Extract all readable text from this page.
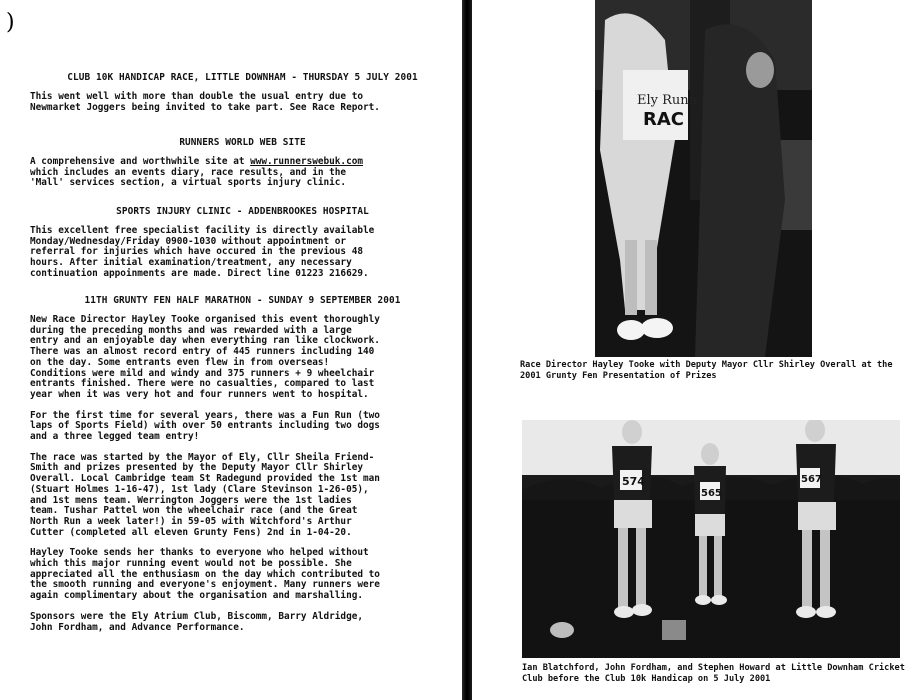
)
CLUB 10K HANDICAP RACE, LITTLE DOWNHAM - THURSDAY 5 JULY 2001
This went well with more than double the usual entry due to
Newmarket Joggers being invited to take part. See Race Report.
RUNNERS WORLD WEB SITE
A comprehensive and worthwhile site at www.runnerswebuk.com
which includes an events diary, race results, and in the
'Mall' services section, a virtual sports injury clinic.
SPORTS INJURY CLINIC - ADDENBROOKES HOSPITAL
This excellent free specialist facility is directly available
Monday/Wednesday/Friday 0900-1030 without appointment or
referral for injuries which have occured in the previous 48
hours. After initial examination/treatment, any necessary
continuation appoinments are made. Direct line 01223 216629.
11TH GRUNTY FEN HALF MARATHON - SUNDAY 9 SEPTEMBER 2001
New Race Director Hayley Tooke organised this event thoroughly
during the preceding months and was rewarded with a large
entry and an enjoyable day when everything ran like clockwork.
There was an almost record entry of 445 runners including 140
on the day. Some entrants even flew in from overseas!
Conditions were mild and windy and 375 runners + 9 wheelchair
entrants finished. There were no casualties, compared to last
year when it was very hot and four runners went to hospital.
For the first time for several years, there was a Fun Run (two
laps of Sports Field) with over 50 entrants including two dogs
and a three legged team entry!
The race was started by the Mayor of Ely, Cllr Sheila Friend-
Smith and prizes presented by the Deputy Mayor Cllr Shirley
Overall. Local Cambridge team St Radegund provided the 1st man
(Stuart Holmes 1-16-47), 1st lady (Clare Stevinson 1-26-05),
and 1st mens team. Werrington Joggers were the 1st ladies
team. Tushar Pattel won the wheelchair race (and the Great
North Run a week later!) in 59-05 with Witchford's Arthur
Cutter (completed all eleven Grunty Fens) 2nd in 1-04-20.
Hayley Tooke sends her thanks to everyone who helped without
which this major running event would not be possible. She
appreciated all the enthusiasm on the day which contributed to
the smooth running and everyone's enjoyment. Many runners were
again complimentary about the organisation and marshalling.
Sponsors were the Ely Atrium Club, Biscomm, Barry Aldridge,
John Fordham, and Advance Performance.
Ely Runn
RAC
Race Director Hayley Tooke with Deputy Mayor Cllr Shirley Overall at the
2001 Grunty Fen Presentation of Prizes
574
565
567
Ian Blatchford, John Fordham, and Stephen Howard at Little Downham Cricket
Club before the Club 10k Handicap on 5 July 2001
